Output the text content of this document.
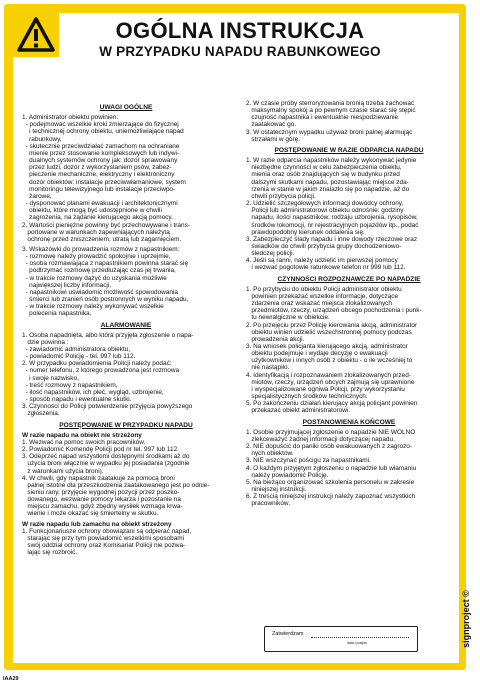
OGÓLNA INSTRUKCJA
W PRZYPADKU NAPADU RABUNKOWEGO
UWAGI OGÓLNE

1. Administrator obiektu powinien:
- podejmować wszelkie kroki zmierzające do fizycznej
i technicznej ochrony obiektu, uniemożliwiające napad
rabunkowy,
- skutecznie przeciwdziałać zamachom na ochraniane
mienie przez stosowanie kompleksowych lub indywi-
dualnych systemów ochrony jak: dozór sprawowany
przez ludzi, dozór z wykorzystaniem psów, zabez-
pieczenie mechaniczne, elektryczny i elektroniczny
dozór obiektów: instalacje przeciwwłamaniowe, system
monitoringu telewizyjnego lub instalacje przeciwpo-
żarowe,
- dysponować planami ewakuacji i architektonicznymi
obiektu, które mogą być udostępnione w chwili
zagrożenia, na żądanie kierującego akcją pomocy.
2. Wartości pieniężne powinny być przechowywane i trans-
portowane w warunkach zapewniających należytą
ochronę przed zniszczeniem, utratą lub zagarnięciem.

3. Wskazówki do prowadzenia rozmów z napastnikiem:
- rozmowę należy prowadzić spokojnie i uprzejmie,
- osoba rozmawiająca z napastnikiem powinna starać się
podtrzymać rozmowę przedłużając czas jej trwania,
- w trakcie rozmowy dążyć do uzyskania możliwie
największej liczby informacji,
- napastnikowi uświadomić możliwość spowodowania
śmierci lub zranień osób postronnych w wyniku napadu,
- w trakcie rozmowy należy wykonywać wszelkie
polecenia napastnika.

ALARMOWANIE

1. Osoba napadnięta, albo która przyjęła zgłoszenie o napa-
dzie powinna :
- zawiadomić administratora obiektu,
- powiadomić Policję - tel. 997 lub 112.
2. W przypadku powiadomienia Policji należy podać:
- numer telefonu, z którego prowadzona jest rozmowa
i swoje nazwisko,
- treść rozmowy z napastnikiem,
- ilość napastników, ich płeć, wygląd, uzbrojenie,
- sposób napadu i ewentualne skutki.
3. Czynności do Policji potwierdzenie przyjęcia powyższego
zgłoszenia.

POSTĘPOWANIE W PRZYPADKU NAPADU
W razie napadu na obiekt nie strzeżony

1. Wezwać na pomoc swoich pracowników.
2. Powiadomić Komendę Policji pod nr tel. 997 lub 112.
3. Odeprzeć napad wszystkimi dostępnymi środkami aż do
użycia broni włącznie w wypadku jej posiadania (zgodnie
z warunkami użycia broni).
4. W chwili, gdy napastnik zaatakuje za pomocą broni
palnej istotne dla przeszkodzenia zaatakowanego jest po odnie-
sieniu rany, przyjęcie wygodnej pozycji przez poszko-
dowanego, wezwanie pomocy lekarza i pozostanie na
miejscu zamachu, gdyż zbędny wysiłek wzmaga krwa-
wienie i może okazać się śmiertelny w skutku.

W razie napadu lub zamachu na obiekt strzeżony

1. Funkcjonariusze ochrony obowiązani są odpierać napad,
starając się przy tym powiadomić wszelkimi sposobami
swój oddział ochrony oraz Komisariat Policji nie pozwa-
lając się rozbroić.

2. W czasie próby sterroryzowania bronią trzeba zachować
maksymalny spokój a po pewnym czasie starać się stępić
czujność napastnika i ewentualnie niespodziewanie
zaatakować go.
3. W ostatecznym wypadku używaż broni palnej alarmując
strzałami w górę.

POSTĘPOWANIE W RAZIE ODPARCIA NAPADU

1. W razie odparcia napastników należy wykonywać jedynie
niezbędne czynności w celu zabezpieczenia obiektu,
mienia oraz osób znajdujących się w budynku przed
dalszymi skutkami napadu, pozostawiając miejsce zda-
rzenia w stanie w jakim znalazło się po napadzie, aż do
chwili przybycia policji.
2. Udzielić szczegółowych informacji dowódcy ochrony,
Policji lub administratorowi obiektu odnośnie: godziny
napadu, ilości napastników, rodzaju uzbrojenia, rysopisów,
środków lokomocji, nr rejestracyjnych pojazdów itp., podać
prawdopodobny kierunek oddalenia się.
3. Zabezpieczyć ślady napadu i inne dowody rzeczowe oraz
świadków do chwili przybycia grupy dochodzeniowo-
śledczej policji.
4. Jeśli są ranni, należy udzielić im pierwszej pomocy
i wezwać pogotowie ratunkowe telefon nr 999 lub 112.

CZYNNOŚCI ROZPOZNAWCZE PO NAPADZIE

1. Po przybyciu do obiektu Policji administrator obiektu
powinien przekazać wszelkie informacje, dotyczące
zdarzenia oraz wskazać miejsca zlokalizowanych
przedmiotów, rzeczy, urządzeń obcego pochodzenia i punk-
tu newralgiczne w obiekcie.
2. Po przejęciu przez Policję kierowania akcją, administrator
obiektu winien udzielić wszechstronnej pomocy podczas
prowadzenia akcji.
3. Na wniosek policjanta kierującego akcją, administrator
obiektu podejmuje i wydaje decyzję o ewakuacji
użytkowników i innych osób z obiektu - o ile wcześniej to
nie nastąpiło.
4. Identyfikacją i rozpoznawaniem zlokalizowanych przed-
miotów, rzeczy, urządzeń obcych zajmują się uprawnione
i wyspecjalizowane ogniwa Policji, przy wykorzystaniu
specjalistycznych środków technicznych.
5. Po zakończeniu działań kierujący akcją policjant powinien
przekazać obiekt administratorowi.

POSTANOWIENIA KOŃCOWE

1. Osobie przyjmującej zgłoszenie o napadzie NIE WOLNO
zlekceważyć żadnej informacji dotyczącej napadu.
2. NIE dopuścić do paniki osób ewakuowanych z zagrożo-
nych obiektów.
3. NIE wszczynać pościgu za napastnikami.
4. O każdym przyjętym zgłoszeniu o napadzie lub włamaniu
należy powiadomić Policję.
5. Na bieżąco organizować szkolenia personelu w zakresie
niniejszej instrukcji.
6. Z treścią niniejszej instrukcji należy zapoznać wszystkich
pracowników.

Zatwierdzam
data i podpis	signproject ©
IAA29
